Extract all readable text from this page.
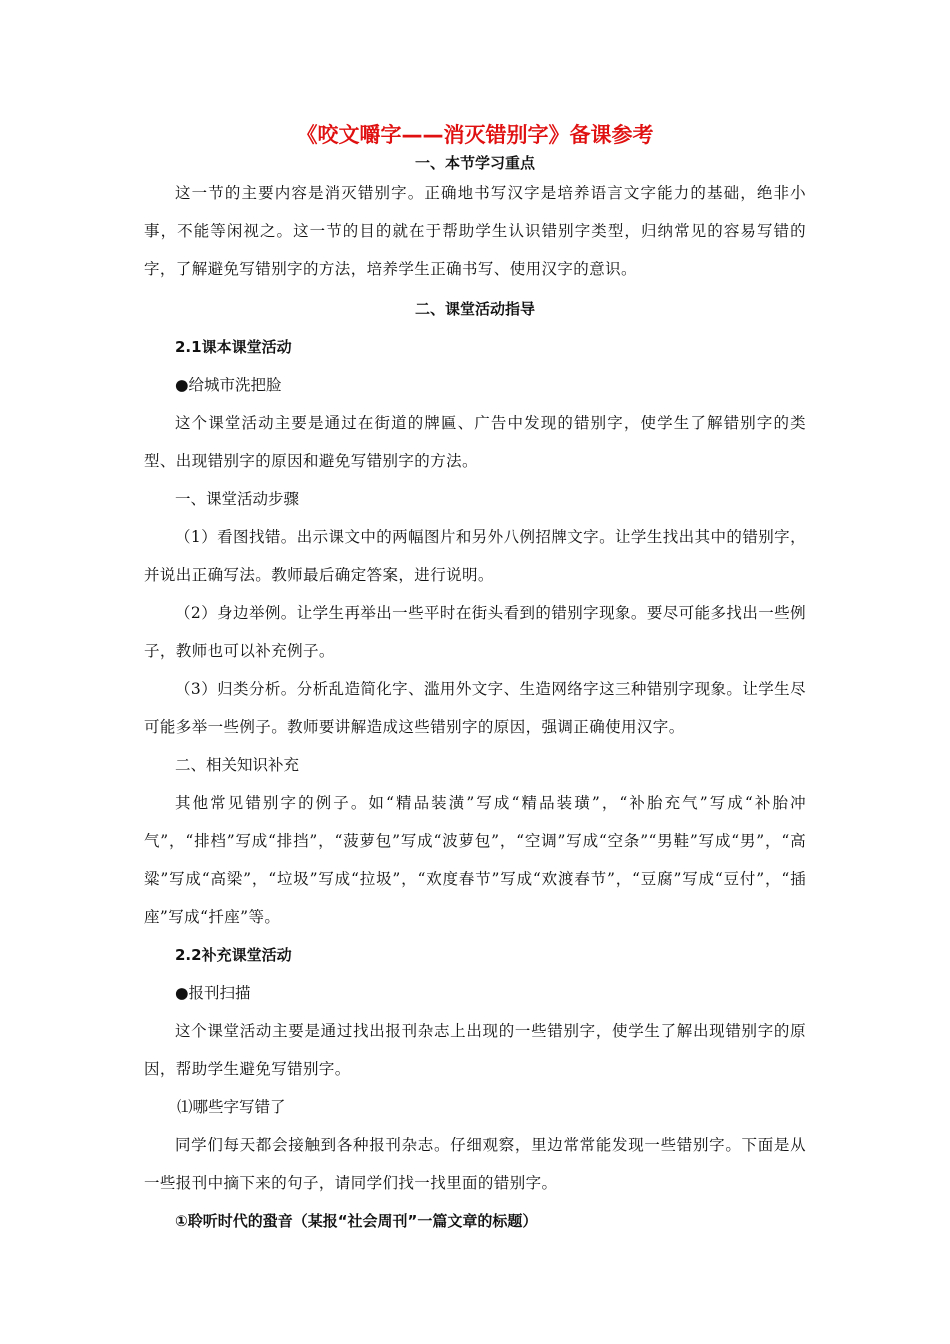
《咬文嚼字——消灭错别字》备课参考
一、本节学习重点

这一节的主要内容是消灭错别字。正确地书写汉字是培养语言文字能力的基础，绝非小事，不能等闲视之。这一节的目的就在于帮助学生认识错别字类型，归纳常见的容易写错的字，了解避免写错别字的方法，培养学生正确书写、使用汉字的意识。

二、课堂活动指导
2.1课本课堂活动

●给城市洗把脸

这个课堂活动主要是通过在街道的牌匾、广告中发现的错别字，使学生了解错别字的类型、出现错别字的原因和避免写错别字的方法。

一、课堂活动步骤

（1）看图找错。出示课文中的两幅图片和另外八例招牌文字。让学生找出其中的错别字，并说出正确写法。教师最后确定答案，进行说明。

（2）身边举例。让学生再举出一些平时在街头看到的错别字现象。要尽可能多找出一些例子，教师也可以补充例子。

（3）归类分析。分析乱造简化字、滥用外文字、生造网络字这三种错别字现象。让学生尽可能多举一些例子。教师要讲解造成这些错别字的原因，强调正确使用汉字。

二、相关知识补充

其他常见错别字的例子。如“精品装潢”写成“精品装璜”，“补胎充气”写成“补胎冲气”，“排档”写成“排挡”，“菠萝包”写成“波萝包”，“空调”写成“空条”“男鞋”写成“男”，“高粱”写成“高梁”，“垃圾”写成“拉圾”，“欢度春节”写成“欢渡春节”，“豆腐”写成“豆付”，“插座”写成“扦座”等。

2.2补充课堂活动

●报刊扫描

这个课堂活动主要是通过找出报刊杂志上出现的一些错别字，使学生了解出现错别字的原因，帮助学生避免写错别字。

⑴哪些字写错了

同学们每天都会接触到各种报刊杂志。仔细观察，里边常常能发现一些错别字。下面是从一些报刊中摘下来的句子，请同学们找一找里面的错别字。

①聆听时代的蛩音（某报“社会周刊”一篇文章的标题）
